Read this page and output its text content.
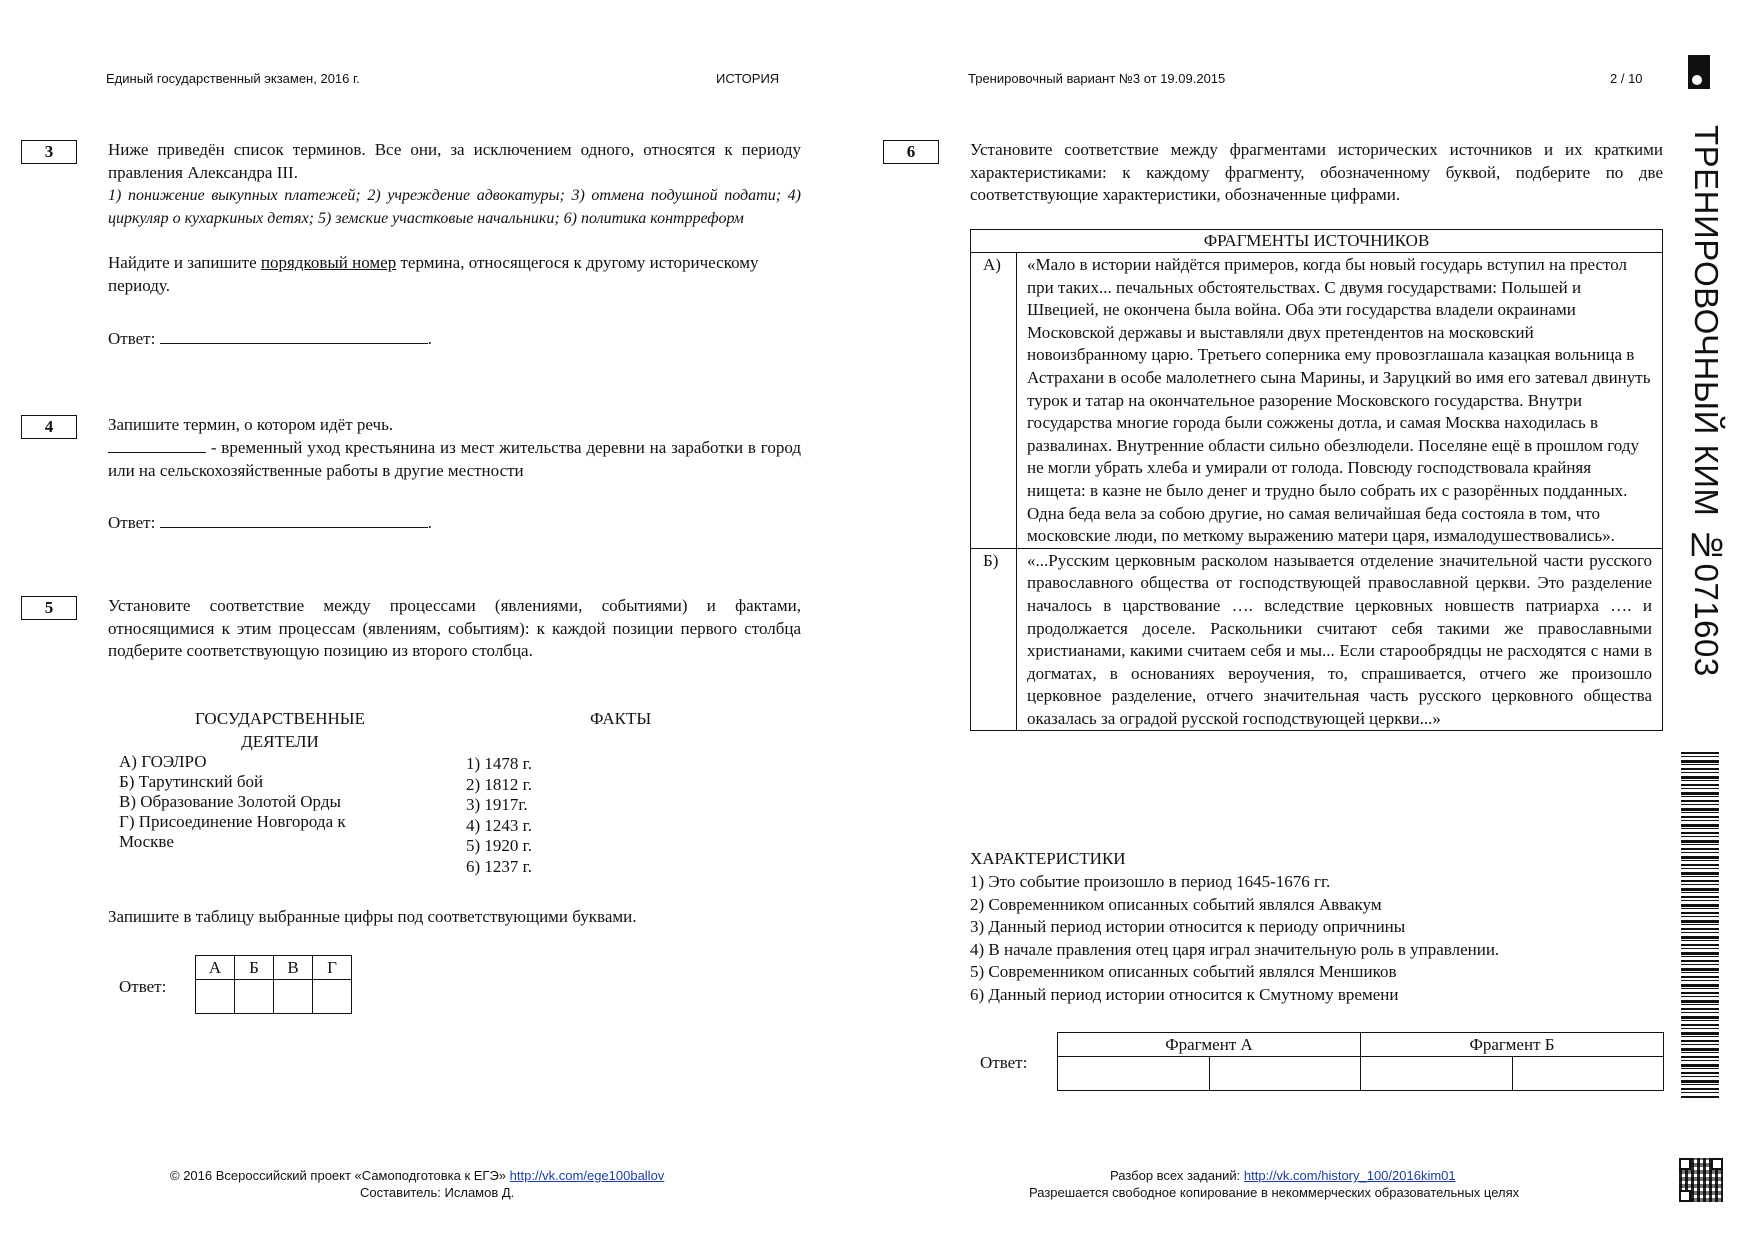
Единый государственный экзамен, 2016 г.	ИСТОРИЯ	Тренировочный вариант №3 от 19.09.2015	2 / 10
ТРЕНИРОВОЧНЫЙ КИМ №071603
3	Ниже приведён список терминов. Все они, за исключением одного, относятся к периоду правления Александра III.
1) понижение выкупных платежей; 2) учреждение адвокатуры; 3) отмена подушной подати; 4) циркуляр о кухаркиных детях; 5) земские участковые начальники; 6) политика контрреформ
Найдите и запишите порядковый номер термина, относящегося к другому историческому периоду.
Ответ:	.
4	Запишите термин, о котором идёт речь.
- временный уход крестьянина из мест жительства деревни на заработки в город или на сельскохозяйственные работы в другие местности
Ответ:	.
5	Установите соответствие между процессами (явлениями, событиями) и фактами, относящимися к этим процессам (явлениям, событиям): к каждой позиции первого столбца подберите соответствующую позицию из второго столбца.
ГОСУДАРСТВЕННЫЕ
ДЕЯТЕЛИ
ФАКТЫ
А) ГОЭЛРО
Б) Тарутинский бой
В) Образование Золотой Орды
Г) Присоединение Новгорода к
Москве
1) 1478 г.
2) 1812 г.
3) 1917г.
4) 1243 г.
5) 1920 г.
6) 1237 г.
Запишите в таблицу выбранные цифры под соответствующими буквами.
Ответ:
А	Б	В	Г

6	Установите соответствие между фрагментами исторических источников и их краткими характеристиками: к каждому фрагменту, обозначенному буквой, подберите по две соответствующие характеристики, обозначенные цифрами.
ФРАГМЕНТЫ ИСТОЧНИКОВ
А)	«Мало в истории найдётся примеров, когда бы новый государь вступил на престол при таких... печальных обстоятельствах. С двумя государствами: Польшей и Швецией, не окончена была война. Оба эти государства владели окраинами Московской державы и выставляли двух претендентов на московский новоизбранному царю. Третьего соперника ему провозглашала казацкая вольница в Астрахани в особе малолетнего сына Марины, и Заруцкий во имя его затевал двинуть турок и татар на окончательное разорение Московского государства. Внутри государства многие города были сожжены дотла, и самая Москва находилась в развалинах. Внутренние области сильно обезлюдели. Поселяне ещё в прошлом году не могли убрать хлеба и умирали от голода. Повсюду господствовала крайняя нищета: в казне не было денег и трудно было собрать их с разорённых подданных. Одна беда вела за собою другие, но самая величайшая беда состояла в том, что московские люди, по меткому выражению матери царя, измалодушествовались».
Б)	«...Русским церковным расколом называется отделение значительной части русского православного общества от господствующей православной церкви. Это разделение началось в царствование …. вследствие церковных новшеств патриарха …. и продолжается доселе. Раскольники считают себя такими же православными христианами, какими считаем себя и мы... Если старообрядцы не расходятся с нами в догматах, в основаниях вероучения, то, спрашивается, отчего же произошло церковное разделение, отчего значительная часть русского церковного общества оказалась за оградой русской господствующей церкви...»
ХАРАКТЕРИСТИКИ
1) Это событие произошло в период 1645-1676 гг.
2) Современником описанных событий являлся Аввакум
3) Данный период истории относится к периоду опричнины
4) В начале правления отец царя играл значительную роль в управлении.
5) Современником описанных событий являлся Меншиков
6) Данный период истории относится к Смутному времени
Ответ:
Фрагмент А		Фрагмент Б	

© 2016 Всероссийский проект «Самоподготовка к ЕГЭ» http://vk.com/ege100ballov
Составитель: Исламов Д.
Разбор всех заданий: http://vk.com/history_100/2016kim01
Разрешается свободное копирование в некоммерческих образовательных целях
